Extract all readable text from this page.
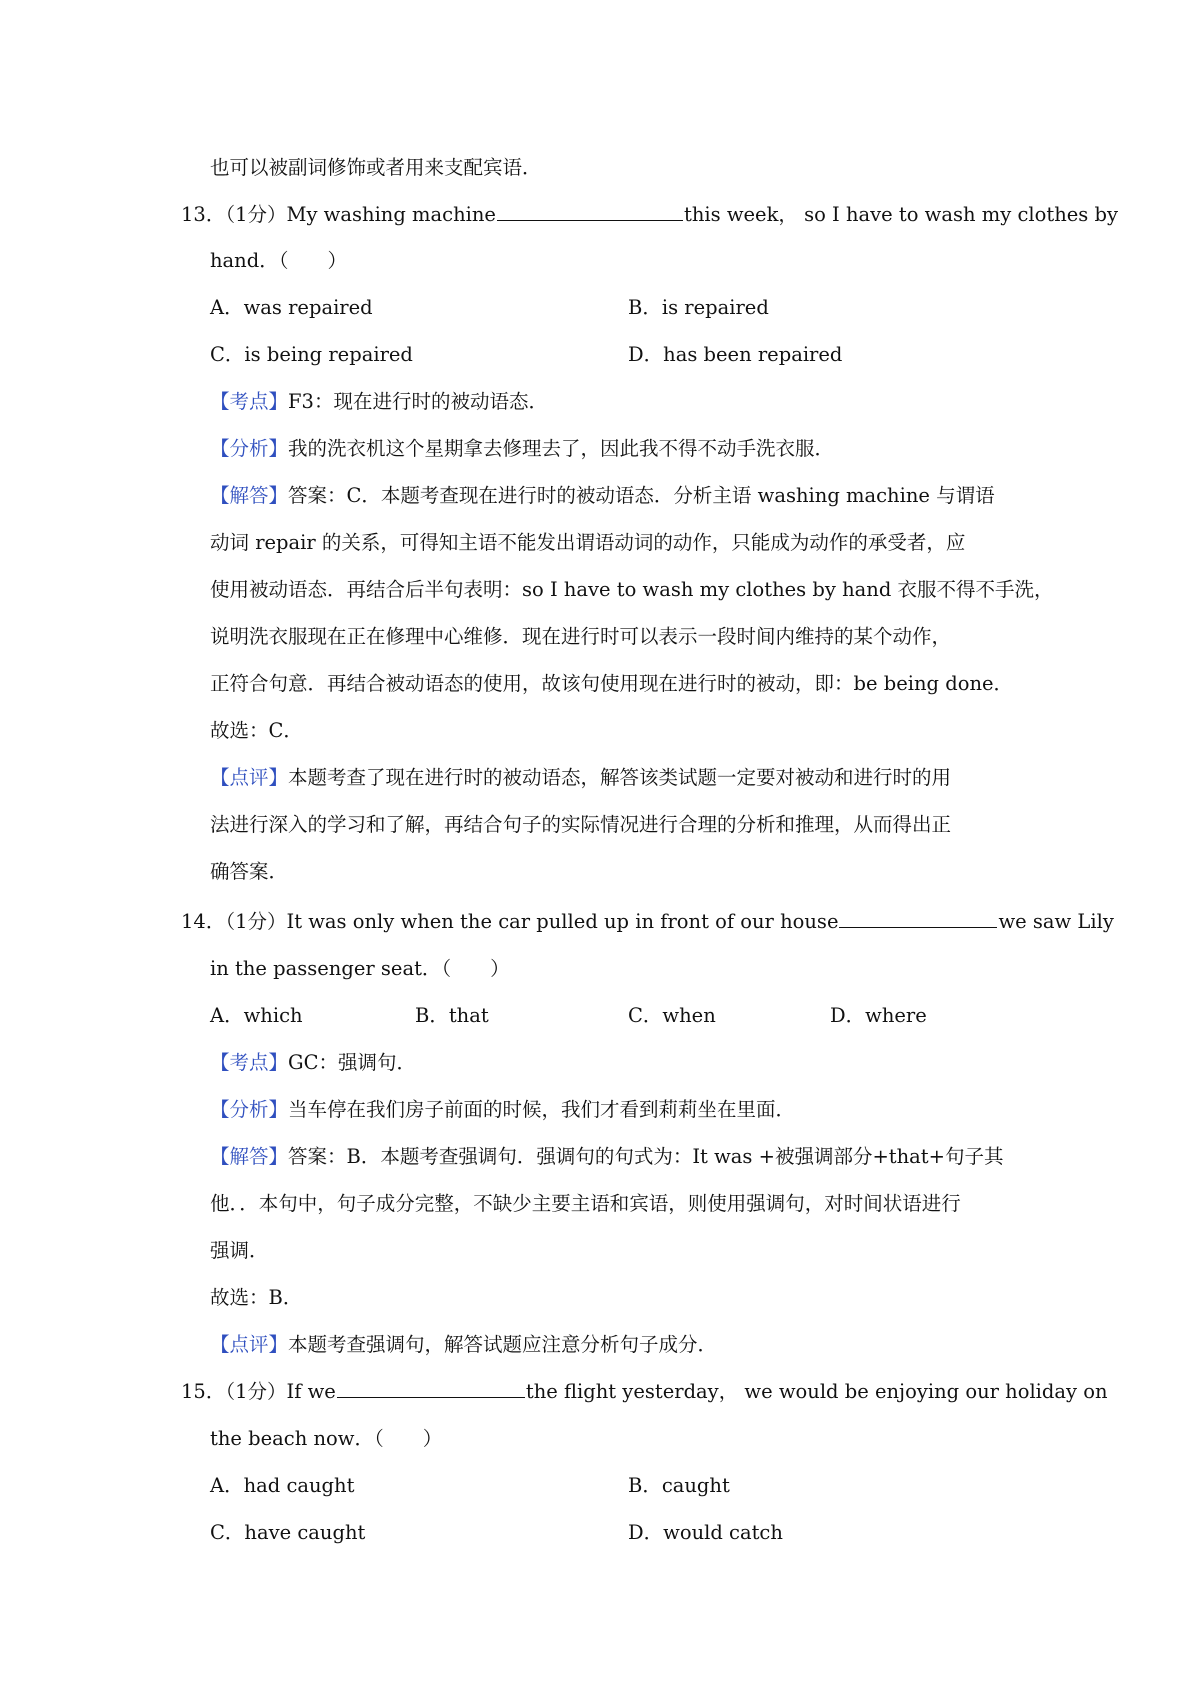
也可以被副词修饰或者用来支配宾语．
13．（1分）My washing machine	this week， so I have to wash my clothes by
hand．（　　）
A．was repaired	B．is repaired
C．is being repaired	D．has been repaired
【考点】F3：现在进行时的被动语态．
【分析】我的洗衣机这个星期拿去修理去了，因此我不得不动手洗衣服．
【解答】答案：C．本题考查现在进行时的被动语态．分析主语 washing machine 与谓语
动词 repair 的关系，可得知主语不能发出谓语动词的动作，只能成为动作的承受者，应
使用被动语态．再结合后半句表明：so I have to wash my clothes by hand 衣服不得不手洗，
说明洗衣服现在正在修理中心维修．现在进行时可以表示一段时间内维持的某个动作，
正符合句意．再结合被动语态的使用，故该句使用现在进行时的被动，即：be being done．
故选：C．
【点评】本题考查了现在进行时的被动语态，解答该类试题一定要对被动和进行时的用
法进行深入的学习和了解，再结合句子的实际情况进行合理的分析和推理，从而得出正
确答案．
14．（1分）It was only when the car pulled up in front of our house	we saw Lily
in the passenger seat．（　　）
A．which	B．that	C．when	D．where
【考点】GC：强调句．
【分析】当车停在我们房子前面的时候，我们才看到莉莉坐在里面．
【解答】答案：B．本题考查强调句．强调句的句式为：It was +被强调部分+that+句子其
他．．本句中，句子成分完整，不缺少主要主语和宾语，则使用强调句，对时间状语进行
强调．
故选：B．
【点评】本题考查强调句，解答试题应注意分析句子成分．
15．（1分）If we	the flight yesterday， we would be enjoying our holiday on
the beach now．（　　）
A．had caught	B．caught
C．have caught	D．would catch
